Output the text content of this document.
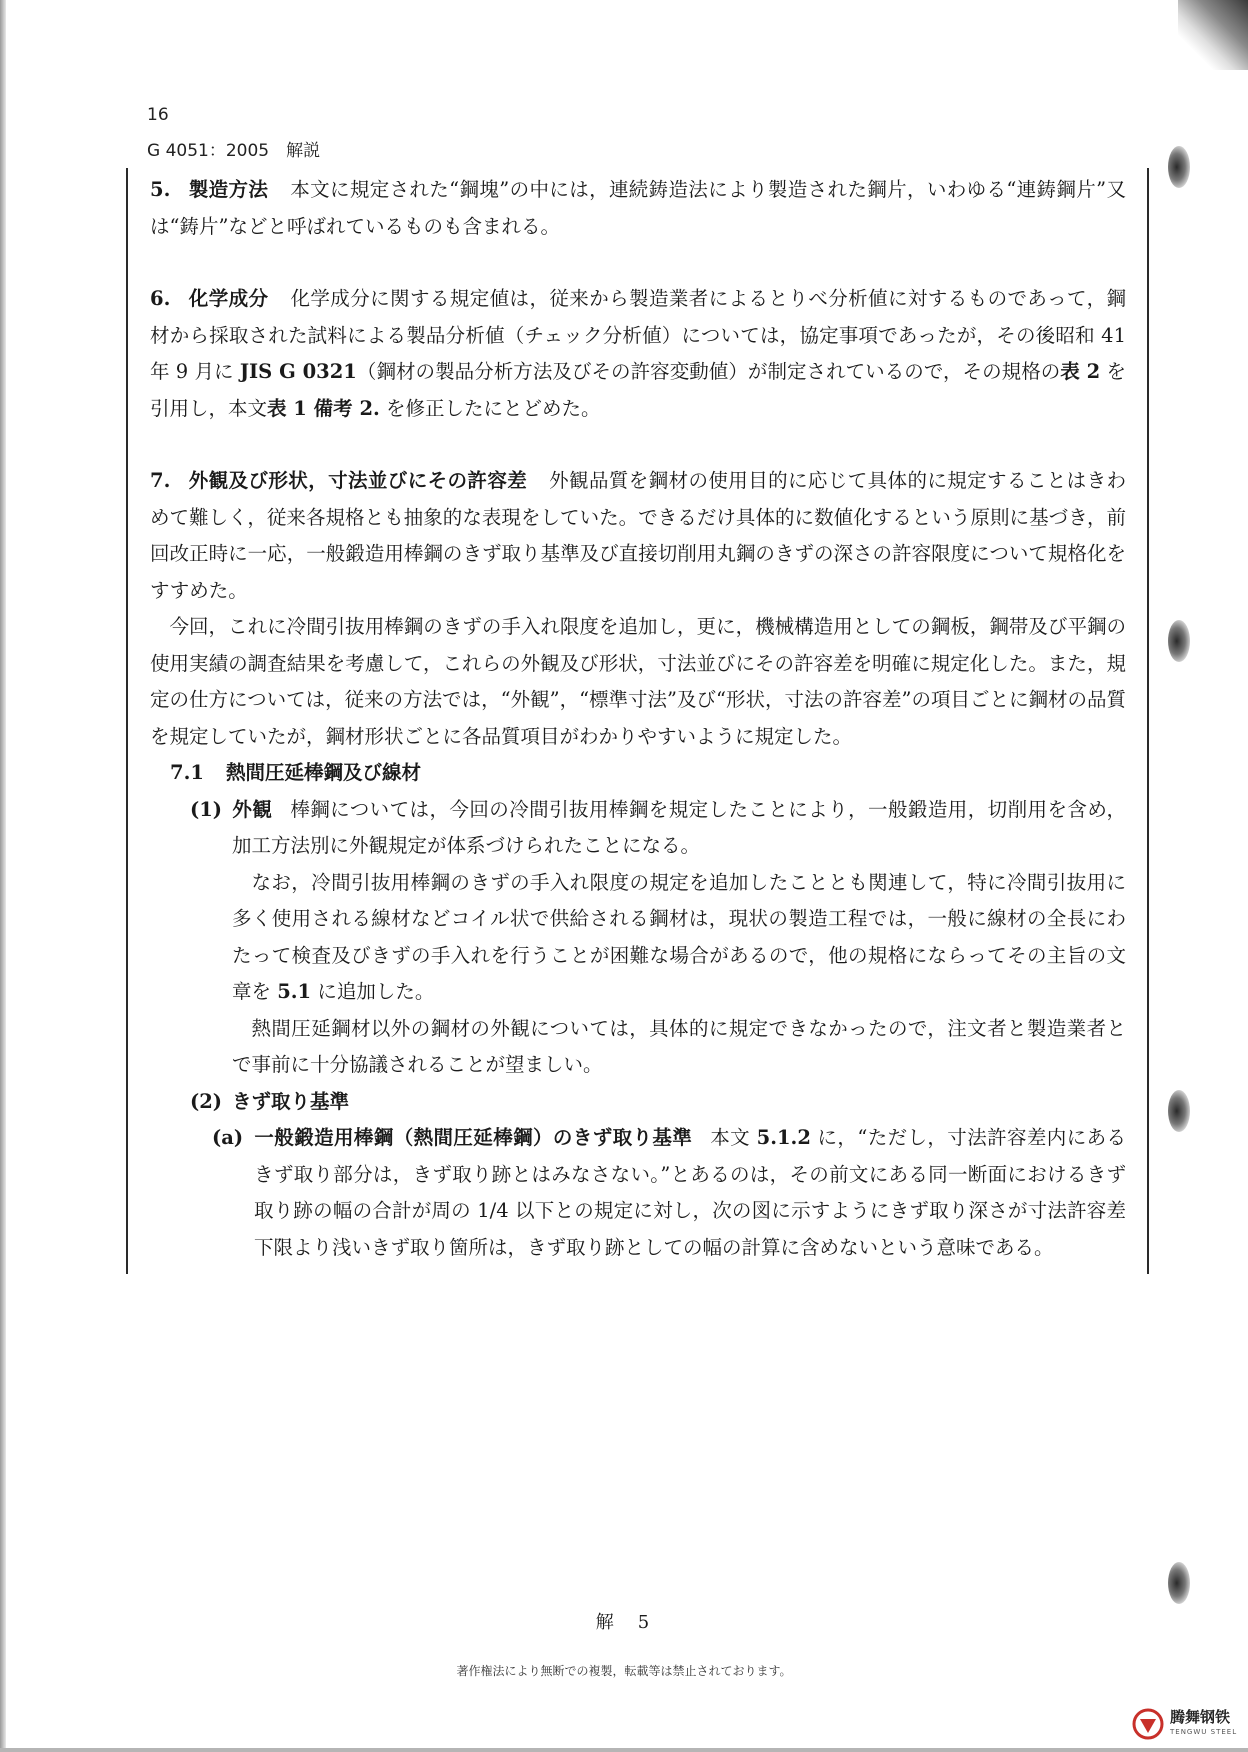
16
G 4051：2005　解説

5. 製造方法 本文に規定された“鋼塊”の中には，連続鋳造法により製造された鋼片，いわゆる“連鋳鋼片”又は“鋳片”などと呼ばれているものも含まれる。

6. 化学成分 化学成分に関する規定値は，従来から製造業者によるとりべ分析値に対するものであって，鋼材から採取された試料による製品分析値（チェック分析値）については，協定事項であったが，その後昭和 41 年 9 月に JIS G 0321（鋼材の製品分析方法及びその許容変動値）が制定されているので，その規格の表 2 を引用し，本文表 1 備考 2. を修正したにとどめた。

7. 外観及び形状，寸法並びにその許容差 外観品質を鋼材の使用目的に応じて具体的に規定することはきわめて難しく，従来各規格とも抽象的な表現をしていた。できるだけ具体的に数値化するという原則に基づき，前回改正時に一応，一般鍛造用棒鋼のきず取り基準及び直接切削用丸鋼のきずの深さの許容限度について規格化をすすめた。

今回，これに冷間引抜用棒鋼のきずの手入れ限度を追加し，更に，機械構造用としての鋼板，鋼帯及び平鋼の使用実績の調査結果を考慮して，これらの外観及び形状，寸法並びにその許容差を明確に規定化した。また，規定の仕方については，従来の方法では，“外観”，“標準寸法”及び“形状，寸法の許容差”の項目ごとに鋼材の品質を規定していたが，鋼材形状ごとに各品質項目がわかりやすいように規定した。

7.1 熱間圧延棒鋼及び線材

(1) 外観 棒鋼については，今回の冷間引抜用棒鋼を規定したことにより，一般鍛造用，切削用を含め，加工方法別に外観規定が体系づけられたことになる。

なお，冷間引抜用棒鋼のきずの手入れ限度の規定を追加したこととも関連して，特に冷間引抜用に多く使用される線材などコイル状で供給される鋼材は，現状の製造工程では，一般に線材の全長にわたって検査及びきずの手入れを行うことが困難な場合があるので，他の規格にならってその主旨の文章を 5.1 に追加した。

熱間圧延鋼材以外の鋼材の外観については，具体的に規定できなかったので，注文者と製造業者とで事前に十分協議されることが望ましい。

(2) きず取り基準

(a) 一般鍛造用棒鋼（熱間圧延棒鋼）のきず取り基準 本文 5.1.2 に，“ただし，寸法許容差内にあるきず取り部分は，きず取り跡とはみなさない。”とあるのは，その前文にある同一断面におけるきず取り跡の幅の合計が周の 1/4 以下との規定に対し，次の図に示すようにきず取り深さが寸法許容差下限より浅いきず取り箇所は，きず取り跡としての幅の計算に含めないという意味である。

解　5
著作権法により無断での複製，転載等は禁止されております。
腾舞钢铁
TENGWU STEEL
